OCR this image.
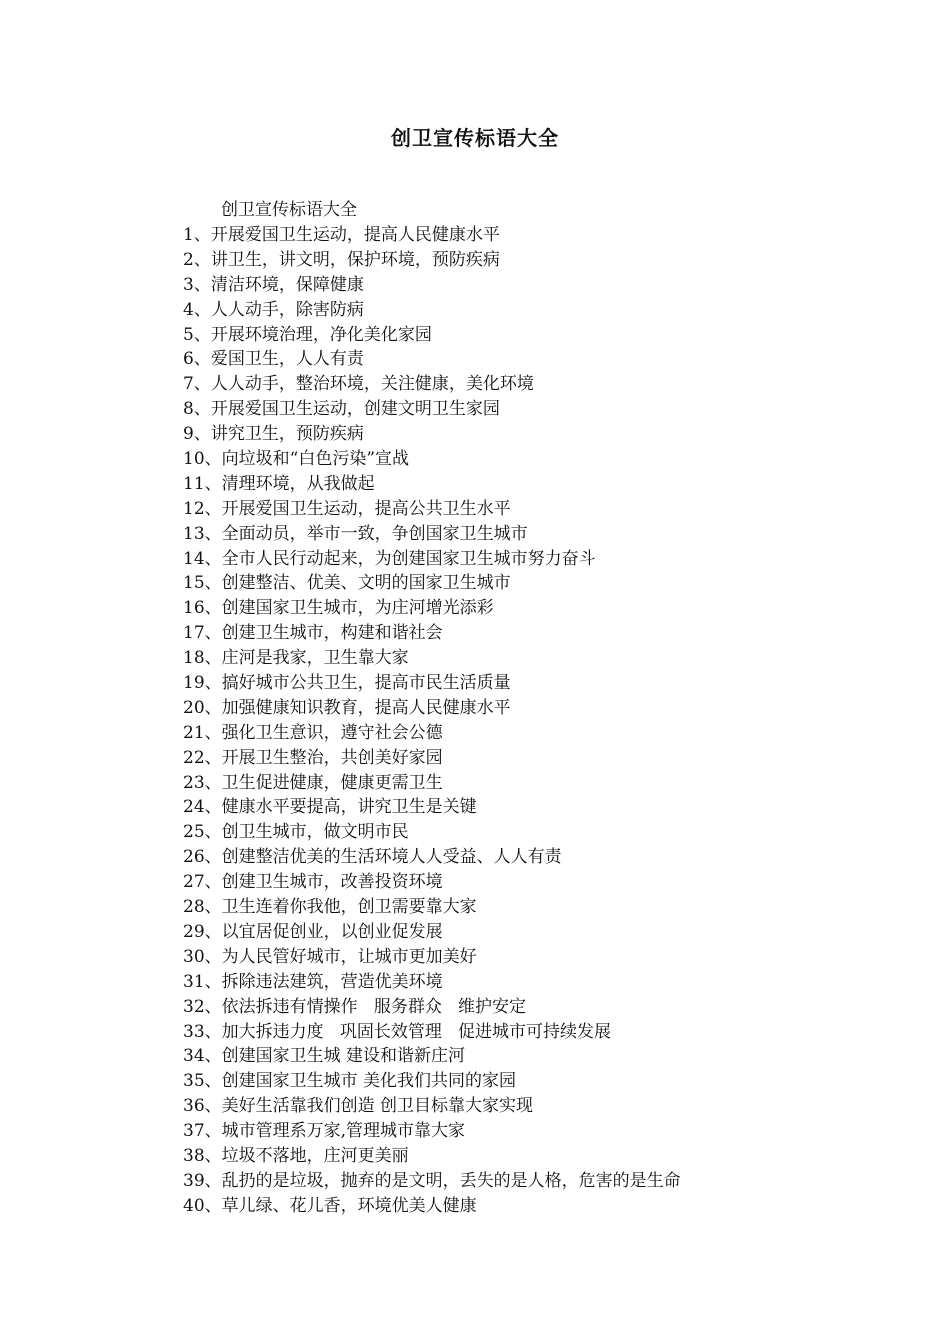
创卫宣传标语大全
创卫宣传标语大全
1、开展爱国卫生运动，提高人民健康水平
2、讲卫生，讲文明，保护环境，预防疾病
3、清洁环境，保障健康
4、人人动手，除害防病
5、开展环境治理，净化美化家园
6、爱国卫生，人人有责
7、人人动手，整治环境，关注健康，美化环境
8、开展爱国卫生运动，创建文明卫生家园
9、讲究卫生，预防疾病
10、向垃圾和“白色污染”宣战
11、清理环境，从我做起
12、开展爱国卫生运动，提高公共卫生水平
13、全面动员，举市一致，争创国家卫生城市
14、全市人民行动起来，为创建国家卫生城市努力奋斗
15、创建整洁、优美、文明的国家卫生城市
16、创建国家卫生城市，为庄河增光添彩
17、创建卫生城市，构建和谐社会
18、庄河是我家，卫生靠大家
19、搞好城市公共卫生，提高市民生活质量
20、加强健康知识教育，提高人民健康水平
21、强化卫生意识，遵守社会公德
22、开展卫生整治，共创美好家园
23、卫生促进健康，健康更需卫生
24、健康水平要提高，讲究卫生是关键
25、创卫生城市，做文明市民
26、创建整洁优美的生活环境人人受益、人人有责
27、创建卫生城市，改善投资环境
28、卫生连着你我他，创卫需要靠大家
29、以宜居促创业，以创业促发展
30、为人民管好城市，让城市更加美好
31、拆除违法建筑，营造优美环境
32、依法拆违有情操作   服务群众   维护安定
33、加大拆违力度   巩固长效管理   促进城市可持续发展
34、创建国家卫生城 建设和谐新庄河
35、创建国家卫生城市 美化我们共同的家园
36、美好生活靠我们创造 创卫目标靠大家实现
37、城市管理系万家,管理城市靠大家
38、垃圾不落地，庄河更美丽
39、乱扔的是垃圾，抛弃的是文明，丢失的是人格，危害的是生命
40、草儿绿、花儿香，环境优美人健康
